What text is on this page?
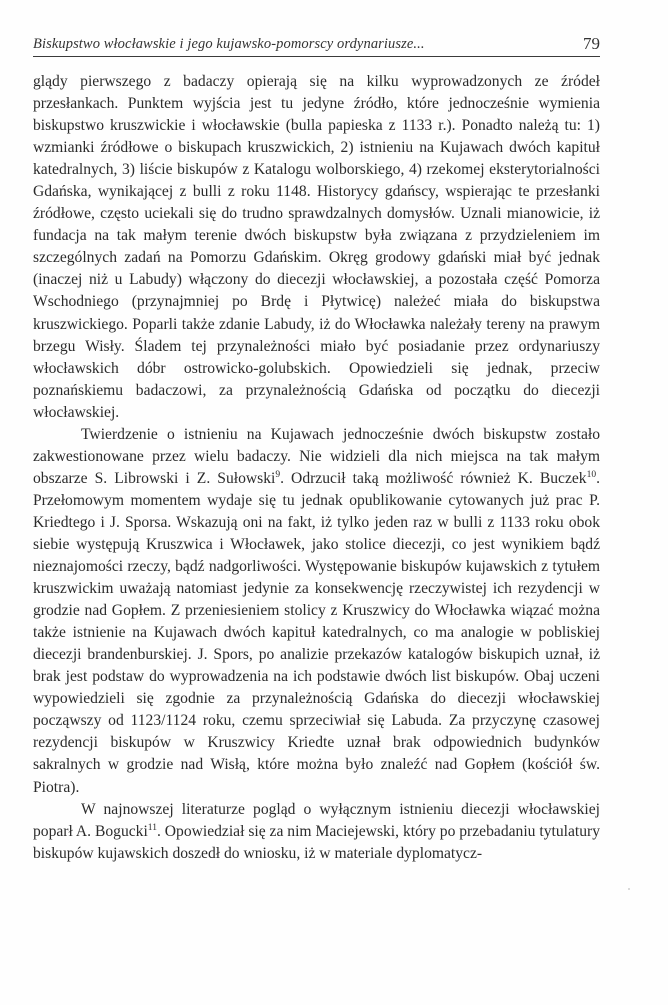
Biskupstwo włocławskie i jego kujawsko-pomorscy ordynariusze...	79

glądy pierwszego z badaczy opierają się na kilku wyprowadzonych ze źródeł przesłankach. Punktem wyjścia jest tu jedyne źródło, które jednocześnie wymienia biskupstwo kruszwickie i włocławskie (bulla papieska z 1133 r.). Ponadto należą tu: 1) wzmianki źródłowe o biskupach kruszwickich, 2) istnieniu na Kujawach dwóch kapituł katedralnych, 3) liście biskupów z Katalogu wolborskiego, 4) rzekomej eksterytorialności Gdańska, wynikającej z bulli z roku 1148. Historycy gdańscy, wspierając te przesłanki źródłowe, często uciekali się do trudno sprawdzalnych domysłów. Uznali mianowicie, iż fundacja na tak małym terenie dwóch biskupstw była związana z przydzieleniem im szczególnych zadań na Pomorzu Gdańskim. Okręg grodowy gdański miał być jednak (inaczej niż u Labudy) włączony do diecezji włocławskiej, a pozostała część Pomorza Wschodniego (przynajmniej po Brdę i Płytwicę) należeć miała do biskupstwa kruszwickiego. Poparli także zdanie Labudy, iż do Włocławka należały tereny na prawym brzegu Wisły. Śladem tej przynależności miało być posiadanie przez ordynariuszy włocławskich dóbr ostrowicko-golubskich. Opowiedzieli się jednak, przeciw poznańskiemu badaczowi, za przynależnością Gdańska od początku do diecezji włocławskiej.

Twierdzenie o istnieniu na Kujawach jednocześnie dwóch biskupstw zostało zakwestionowane przez wielu badaczy. Nie widzieli dla nich miejsca na tak małym obszarze S. Librowski i Z. Sułowski$^9$. Odrzucił taką możliwość również K. Buczek$^{10}$. Przełomowym momentem wydaje się tu jednak opublikowanie cytowanych już prac P. Kriedtego i J. Sporsa. Wskazują oni na fakt, iż tylko jeden raz w bulli z 1133 roku obok siebie występują Kruszwica i Włocławek, jako stolice diecezji, co jest wynikiem bądź nieznajomości rzeczy, bądź nadgorliwości. Występowanie biskupów kujawskich z tytułem kruszwickim uważają natomiast jedynie za konsekwencję rzeczywistej ich rezydencji w grodzie nad Gopłem. Z przeniesieniem stolicy z Kruszwicy do Włocławka wiązać można także istnienie na Kujawach dwóch kapituł katedralnych, co ma analogie w pobliskiej diecezji brandenburskiej. J. Spors, po analizie przekazów katalogów biskupich uznał, iż brak jest podstaw do wyprowadzenia na ich podstawie dwóch list biskupów. Obaj uczeni wypowiedzieli się zgodnie za przynależnością Gdańska do diecezji włocławskiej począwszy od 1123/1124 roku, czemu sprzeciwiał się Labuda. Za przyczynę czasowej rezydencji biskupów w Kruszwicy Kriedte uznał brak odpowiednich budynków sakralnych w grodzie nad Wisłą, które można było znaleźć nad Gopłem (kościół św. Piotra).

W najnowszej literaturze pogląd o wyłącznym istnieniu diecezji włocławskiej poparł A. Bogucki$^{11}$. Opowiedział się za nim Maciejewski, który po przebadaniu tytulatury biskupów kujawskich doszedł do wniosku, iż w materiale dyplomatycz-
